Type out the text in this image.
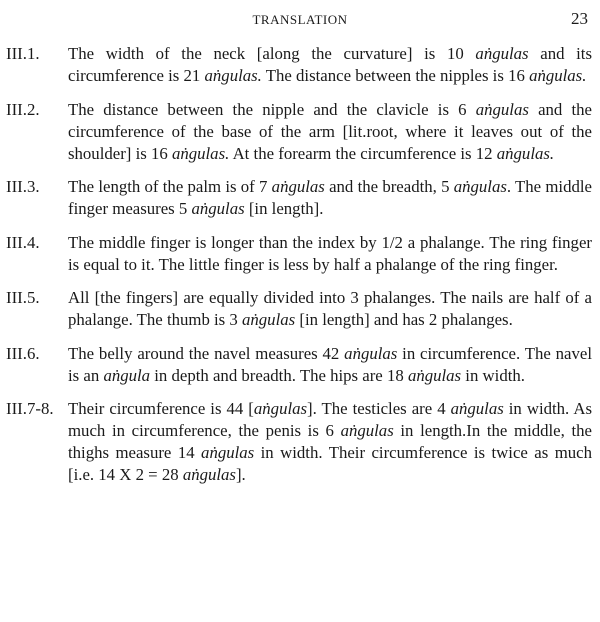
TRANSLATION	23
III.1.	The width of the neck [along the curvature] is 10 aṅgulas and its circumference is 21 aṅgulas. The distance between the nipples is 16 aṅgulas.
III.2.	The distance between the nipple and the clavicle is 6 aṅgulas and the circumference of the base of the arm [lit.root, where it leaves out of the shoulder] is 16 aṅgulas. At the forearm the circumference is 12 aṅgulas.
III.3.	The length of the palm is of 7 aṅgulas and the breadth, 5 aṅgulas. The middle finger measures 5 aṅgulas [in length].
III.4.	The middle finger is longer than the index by 1/2 a phalange. The ring finger is equal to it. The little finger is less by half a phalange of the ring finger.
III.5.	All [the fingers] are equally divided into 3 phalanges. The nails are half of a phalange. The thumb is 3 aṅgulas [in length] and has 2 phalanges.
III.6.	The belly around the navel measures 42 aṅgulas in circumference. The navel is an aṅgula in depth and breadth. The hips are 18 aṅgulas in width.
III.7-8. Their circumference is 44 [aṅgulas]. The testicles are 4 aṅgulas in width. As much in circumference, the penis is 6 aṅgulas in length.In the middle, the thighs measure 14 aṅgulas in width. Their circumference is twice as much [i.e. 14 X 2 = 28 aṅgulas].
